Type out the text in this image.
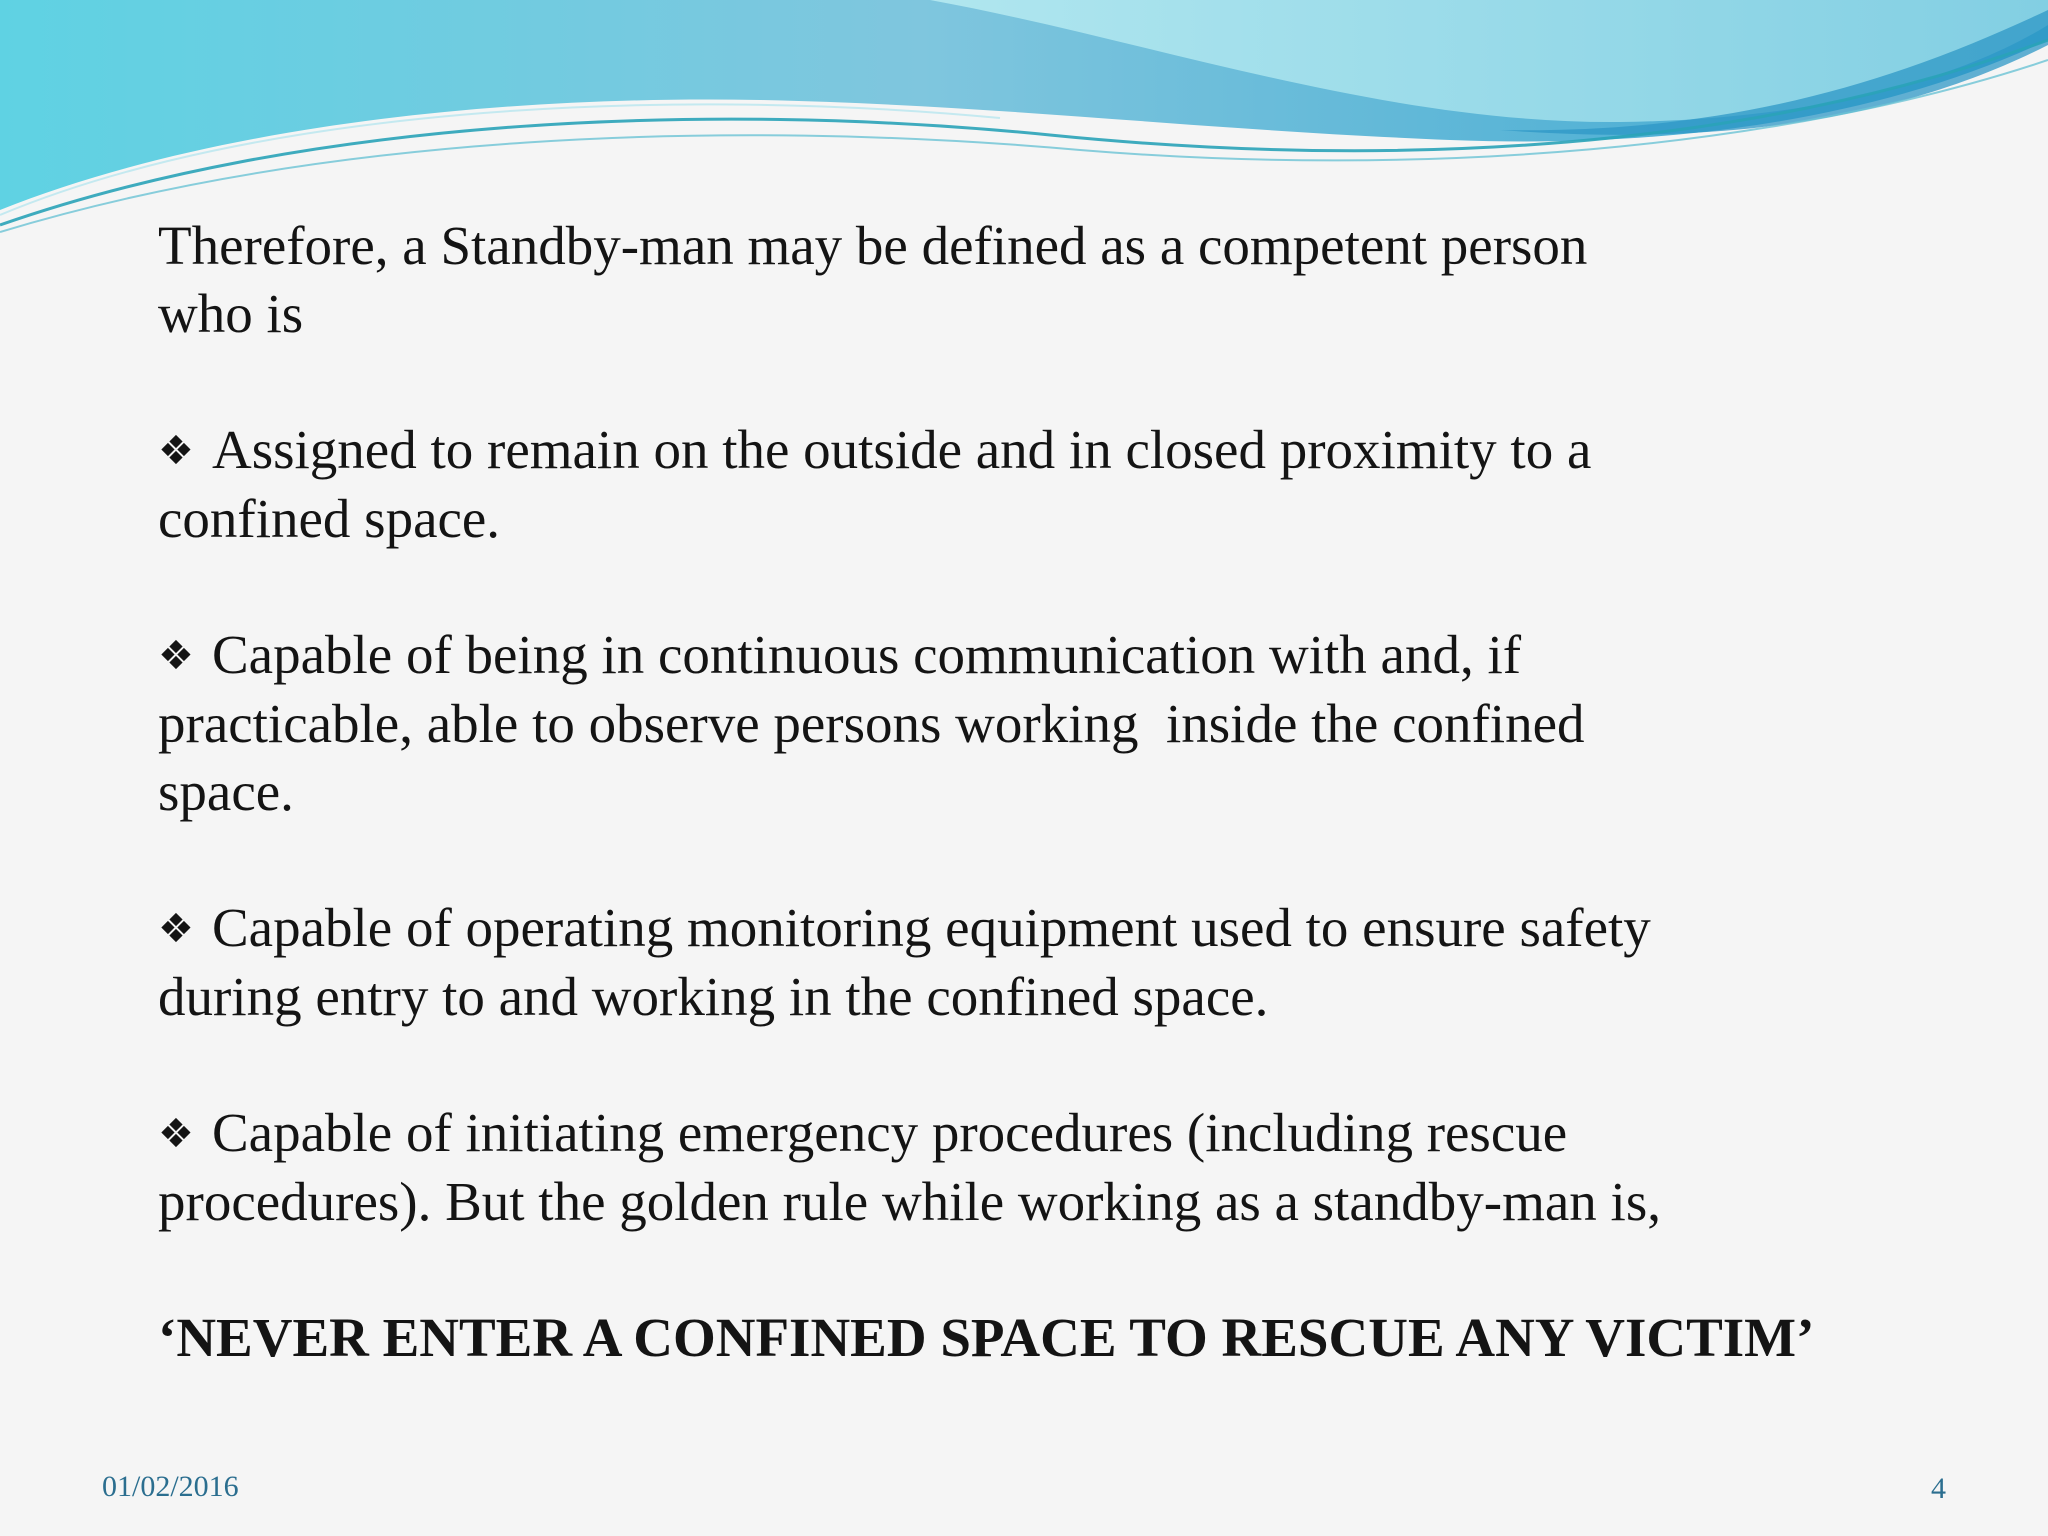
Therefore, a Standby-man may be defined as a competent person
who is

❖ Assigned to remain on the outside and in closed proximity to a
confined space.

❖ Capable of being in continuous communication with and, if
practicable, able to observe persons working  inside the confined
space.

❖ Capable of operating monitoring equipment used to ensure safety
during entry to and working in the confined space.

❖ Capable of initiating emergency procedures (including rescue
procedures). But the golden rule while working as a standby-man is,

‘NEVER ENTER A CONFINED SPACE TO RESCUE ANY VICTIM’

01/02/2016	4
